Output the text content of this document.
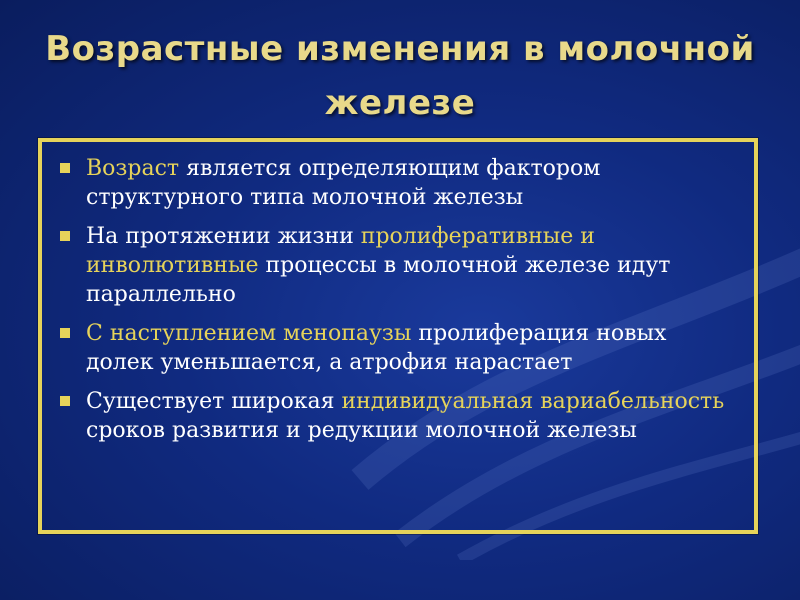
Возрастные изменения в молочной
железе
Возраст является определяющим фактором структурного типа молочной железы
На протяжении жизни пролиферативные и инволютивные процессы в молочной железе идут параллельно
С наступлением менопаузы пролиферация новых долек уменьшается, а атрофия нарастает
Существует широкая индивидуальная вариабельность сроков развития и редукции молочной железы
